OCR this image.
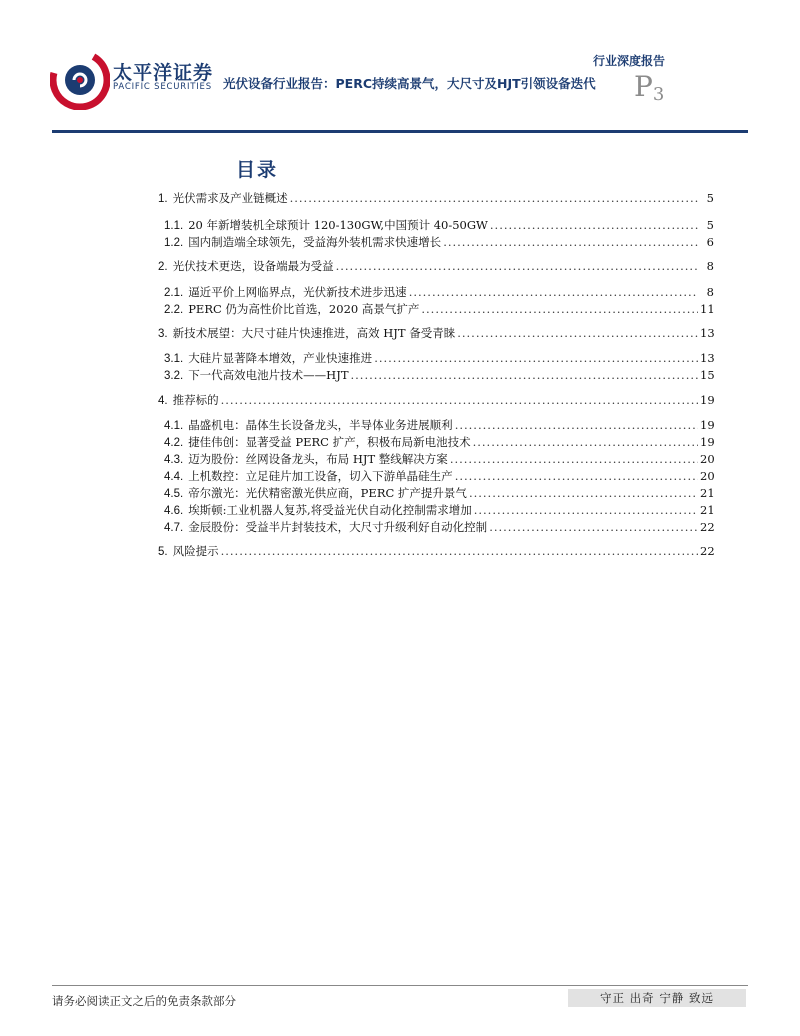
太平洋证券
PACIFIC SECURITIES
行业深度报告
光伏设备行业报告：PERC持续高景气，大尺寸及HJT引领设备迭代 $P_3$
目录
1. 光伏需求及产业链概述 .....	5
1.1. 20 年新增装机全球预计 120-130GW,中国预计 40-50GW .....	5
1.2. 国内制造端全球领先，受益海外装机需求快速增长 .....	6
2. 光伏技术更迭，设备端最为受益 .....	8
2.1. 逼近平价上网临界点，光伏新技术进步迅速 .....	8
2.2. PERC 仍为高性价比首选，2020 高景气扩产 .....	11
3. 新技术展望：大尺寸硅片快速推进，高效 HJT 备受青睐 .....	13
3.1. 大硅片显著降本增效，产业快速推进 .....	13
3.2. 下一代高效电池片技术——HJT .....	15
4. 推荐标的 .....	19
4.1. 晶盛机电：晶体生长设备龙头，半导体业务进展顺利 .....	19
4.2. 捷佳伟创：显著受益 PERC 扩产，积极布局新电池技术 .....	19
4.3. 迈为股份：丝网设备龙头，布局 HJT 整线解决方案 .....	20
4.4. 上机数控：立足硅片加工设备，切入下游单晶硅生产 .....	20
4.5. 帝尔激光：光伏精密激光供应商，PERC 扩产提升景气 .....	21
4.6. 埃斯顿:工业机器人复苏,将受益光伏自动化控制需求增加 .....	21
4.7. 金辰股份：受益半片封装技术，大尺寸升级利好自动化控制 .....	22
5. 风险提示 .....	22
请务必阅读正文之后的免责条款部分	守正 出奇 宁静 致远
